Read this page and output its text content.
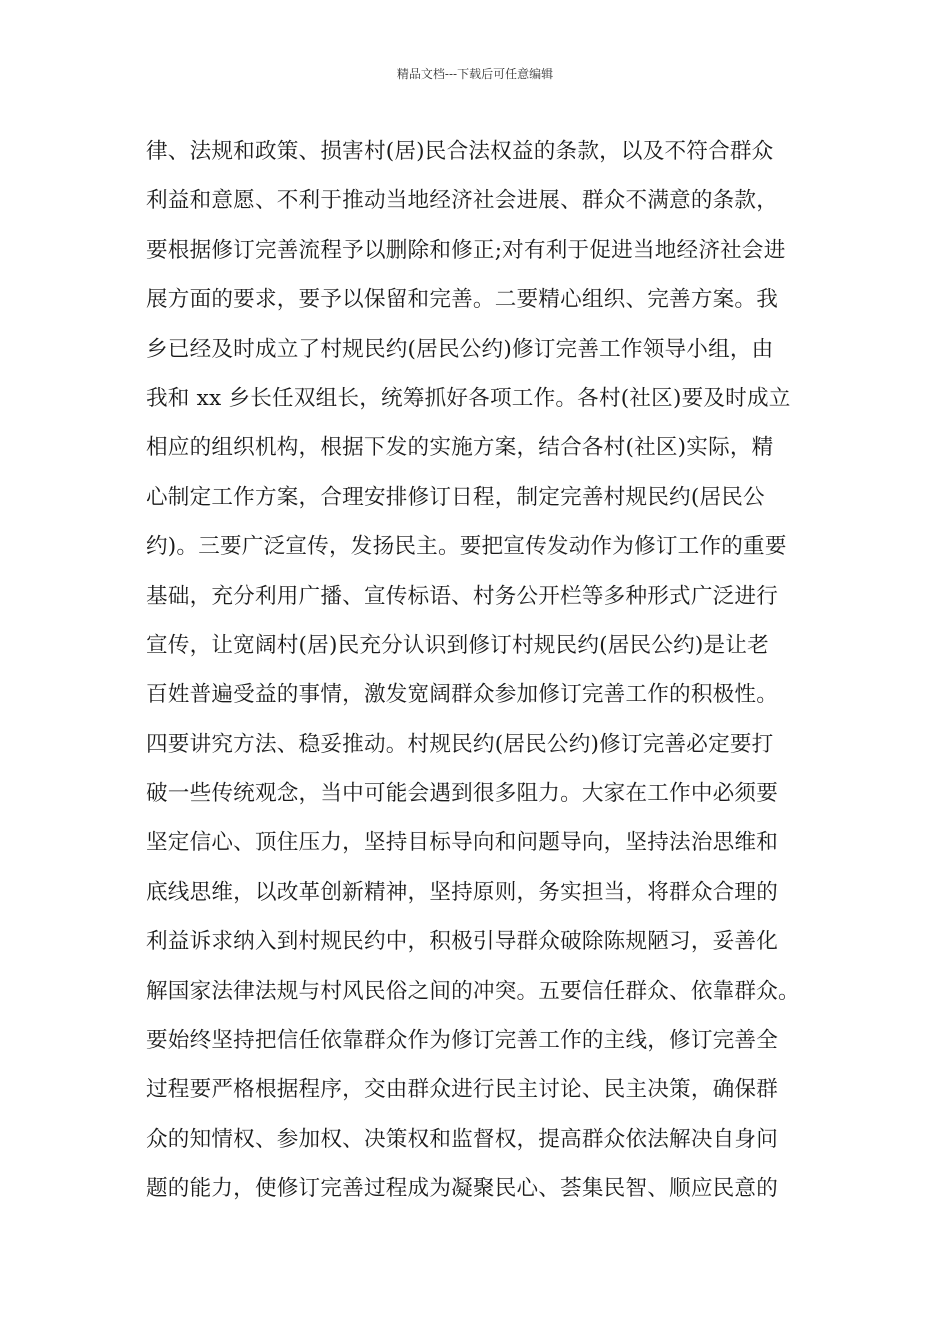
精品文档---下载后可任意编辑
律、法规和政策、损害村(居)民合法权益的条款，以及不符合群众
利益和意愿、不利于推动当地经济社会进展、群众不满意的条款，
要根据修订完善流程予以删除和修正;对有利于促进当地经济社会进
展方面的要求，要予以保留和完善。二要精心组织、完善方案。我
乡已经及时成立了村规民约(居民公约)修订完善工作领导小组，由
我和 xx 乡长任双组长，统筹抓好各项工作。各村(社区)要及时成立
相应的组织机构，根据下发的实施方案，结合各村(社区)实际，精
心制定工作方案，合理安排修订日程，制定完善村规民约(居民公
约)。三要广泛宣传，发扬民主。要把宣传发动作为修订工作的重要
基础，充分利用广播、宣传标语、村务公开栏等多种形式广泛进行
宣传，让宽阔村(居)民充分认识到修订村规民约(居民公约)是让老
百姓普遍受益的事情，激发宽阔群众参加修订完善工作的积极性。
四要讲究方法、稳妥推动。村规民约(居民公约)修订完善必定要打
破一些传统观念，当中可能会遇到很多阻力。大家在工作中必须要
坚定信心、顶住压力，坚持目标导向和问题导向，坚持法治思维和
底线思维，以改革创新精神，坚持原则，务实担当，将群众合理的
利益诉求纳入到村规民约中，积极引导群众破除陈规陋习，妥善化
解国家法律法规与村风民俗之间的冲突。五要信任群众、依靠群众。
要始终坚持把信任依靠群众作为修订完善工作的主线，修订完善全
过程要严格根据程序，交由群众进行民主讨论、民主决策，确保群
众的知情权、参加权、决策权和监督权，提高群众依法解决自身问
题的能力，使修订完善过程成为凝聚民心、荟集民智、顺应民意的
